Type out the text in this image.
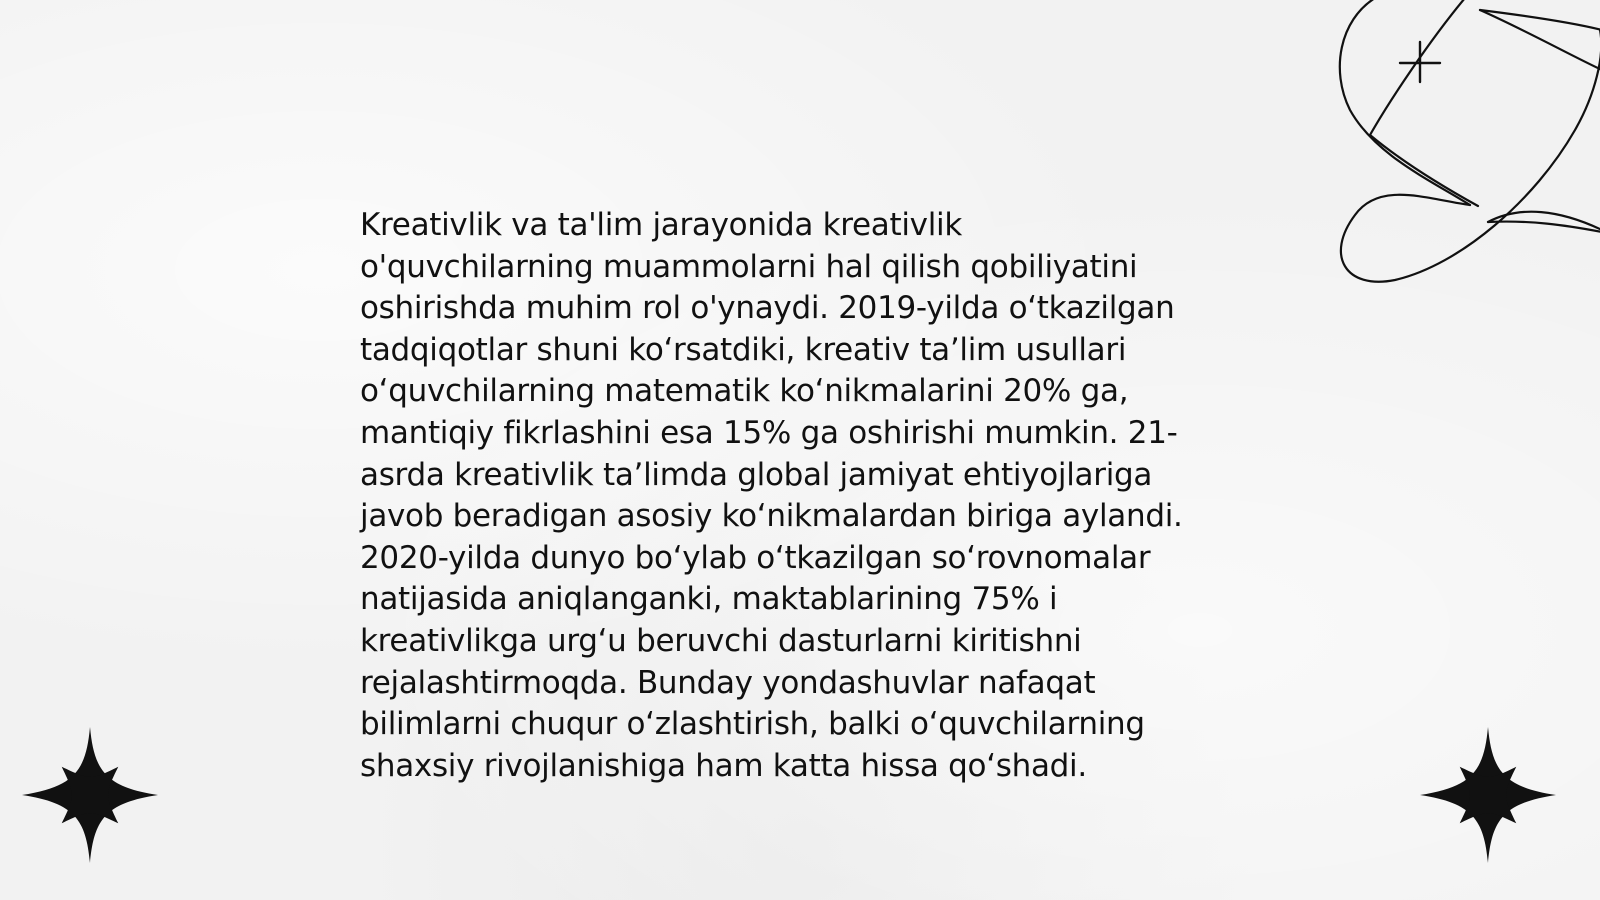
Kreativlik va ta'lim jarayonida kreativlik
o'quvchilarning muammolarni hal qilish qobiliyatini
oshirishda muhim rol o'ynaydi. 2019-yilda o‘tkazilgan
tadqiqotlar shuni ko‘rsatdiki, kreativ ta’lim usullari
o‘quvchilarning matematik ko‘nikmalarini 20% ga,
mantiqiy fikrlashini esa 15% ga oshirishi mumkin. 21-
asrda kreativlik ta’limda global jamiyat ehtiyojlariga
javob beradigan asosiy ko‘nikmalardan biriga aylandi.
2020-yilda dunyo bo‘ylab o‘tkazilgan so‘rovnomalar
natijasida aniqlanganki, maktablarining 75% i
kreativlikga urg‘u beruvchi dasturlarni kiritishni
rejalashtirmoqda. Bunday yondashuvlar nafaqat
bilimlarni chuqur o‘zlashtirish, balki o‘quvchilarning
shaxsiy rivojlanishiga ham katta hissa qo‘shadi.
